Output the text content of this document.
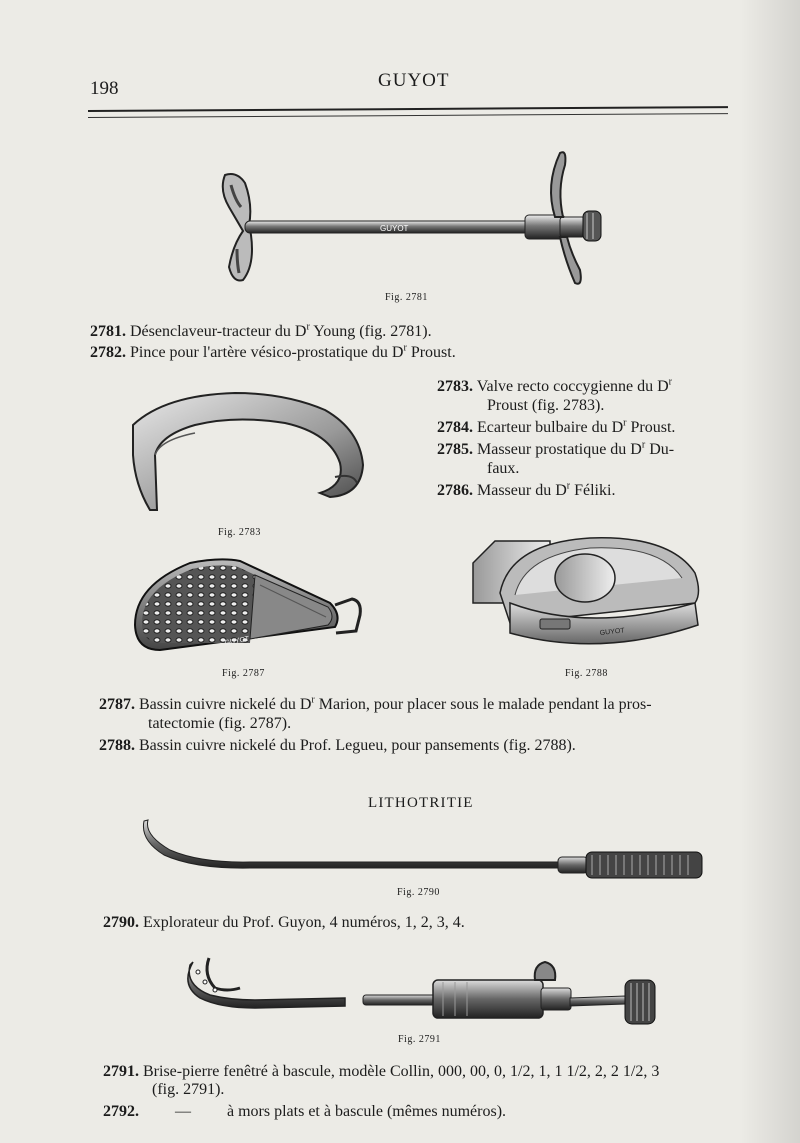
198	GUYOT
GUYOT
Fig. 2781
2781. Désenclaveur-tracteur du $D^r$ Young (fig. 2781).
2782. Pince pour l'artère vésico-prostatique du $D^r$ Proust.
Fig. 2783
2783. Valve recto coccygienne du $D^r$
Proust (fig. 2783).
2784. Ecarteur bulbaire du $D^r$ Proust.
2785. Masseur prostatique du $D^r$ Du-
faux.
2786. Masseur du $D^r$ Féliki.
GUYOT
Fig. 2787
GUYOT
Fig. 2788
2787. Bassin cuivre nickelé du $D^r$ Marion, pour placer sous le malade pendant la pros-
tatectomie (fig. 2787).
2788. Bassin cuivre nickelé du Prof. Legueu, pour pansements (fig. 2788).
LITHOTRITIE
Fig. 2790
2790. Explorateur du Prof. Guyon, 4 numéros, 1, 2, 3, 4.
Fig. 2791
2791. Brise-pierre fenêtré à bascule, modèle Collin, 000, 00, 0, 1/2, 1, 1 1/2, 2, 2 1/2, 3
(fig. 2791).
2792. — à mors plats et à bascule (mêmes numéros).
